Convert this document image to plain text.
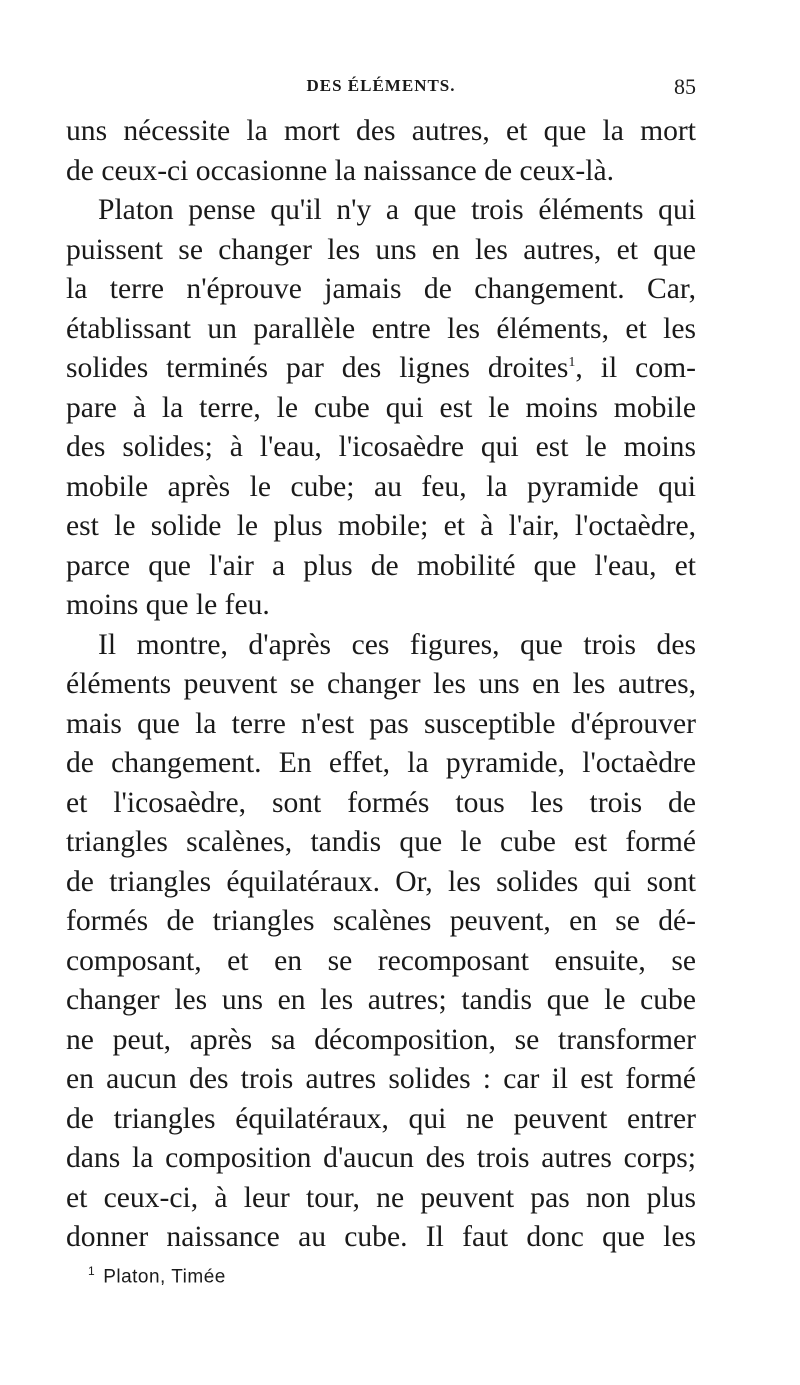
DES ÉLÉMENTS.	85
uns nécessite la mort des autres, et que la mort
de ceux-ci occasionne la naissance de ceux-là.
Platon pense qu'il n'y a que trois éléments qui
puissent se changer les uns en les autres, et que
la terre n'éprouve jamais de changement. Car,
établissant un parallèle entre les éléments, et les
solides terminés par des lignes droites$^1$, il com-
pare à la terre, le cube qui est le moins mobile
des solides; à l'eau, l'icosaèdre qui est le moins
mobile après le cube; au feu, la pyramide qui
est le solide le plus mobile; et à l'air, l'octaèdre,
parce que l'air a plus de mobilité que l'eau, et
moins que le feu.
Il montre, d'après ces figures, que trois des
éléments peuvent se changer les uns en les autres,
mais que la terre n'est pas susceptible d'éprouver
de changement. En effet, la pyramide, l'octaèdre
et l'icosaèdre, sont formés tous les trois de
triangles scalènes, tandis que le cube est formé
de triangles équilatéraux. Or, les solides qui sont
formés de triangles scalènes peuvent, en se dé-
composant, et en se recomposant ensuite, se
changer les uns en les autres; tandis que le cube
ne peut, après sa décomposition, se transformer
en aucun des trois autres solides : car il est formé
de triangles équilatéraux, qui ne peuvent entrer
dans la composition d'aucun des trois autres corps;
et ceux-ci, à leur tour, ne peuvent pas non plus
donner naissance au cube. Il faut donc que les
$^1$ Platon, Timée
